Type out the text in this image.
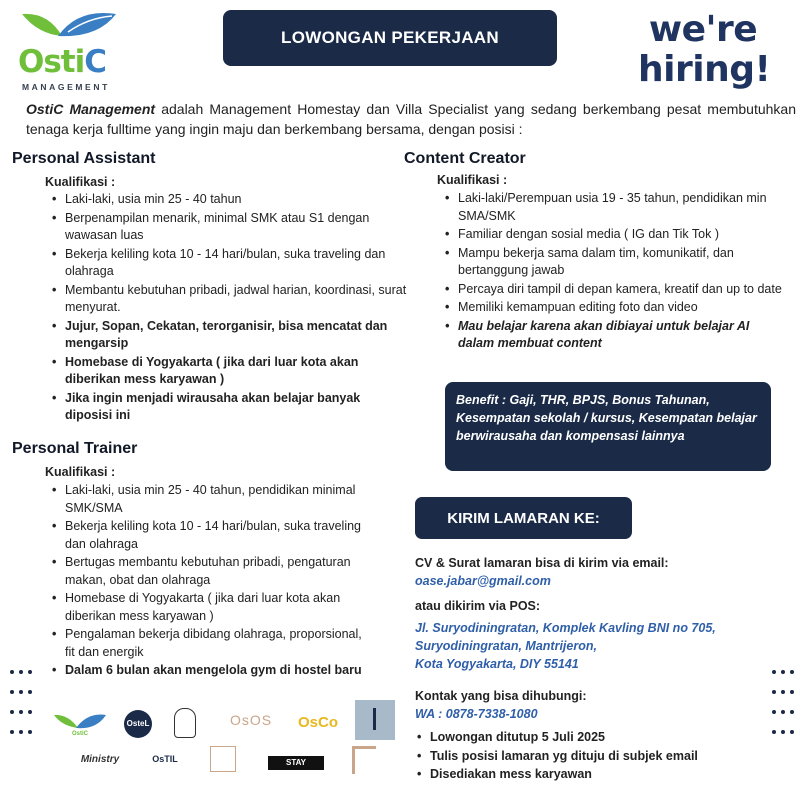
OstiC
MANAGEMENT
LOWONGAN PEKERJAAN	we're
hiring!

OstiC Management adalah Management Homestay dan Villa Specialist yang sedang berkembang pesat membutuhkan tenaga kerja fulltime yang ingin maju dan berkembang bersama, dengan posisi :

Personal Assistant
Kualifikasi :
• Laki-laki, usia min 25 - 40 tahun
• Berpenampilan menarik, minimal SMK atau S1 dengan wawasan luas
• Bekerja keliling kota 10 - 14 hari/bulan, suka traveling dan olahraga
• Membantu kebutuhan pribadi, jadwal harian, koordinasi, surat menyurat.
• Jujur, Sopan, Cekatan, terorganisir, bisa mencatat dan mengarsip
• Homebase di Yogyakarta ( jika dari luar kota akan diberikan mess karyawan )
• Jika ingin menjadi wirausaha akan belajar banyak diposisi ini
Personal Trainer
Kualifikasi :
• Laki-laki, usia min 25 - 40 tahun, pendidikan minimal SMK/SMA
• Bekerja keliling kota 10 - 14 hari/bulan, suka traveling dan olahraga
• Bertugas membantu kebutuhan pribadi, pengaturan makan, obat dan olahraga
• Homebase di Yogyakarta ( jika dari luar kota akan diberikan mess karyawan )
• Pengalaman bekerja dibidang olahraga, proporsional, fit dan energik
• Dalam 6 bulan akan mengelola gym di hostel baru
Content Creator
Kualifikasi :
• Laki-laki/Perempuan usia 19 - 35 tahun, pendidikan min SMA/SMK
• Familiar dengan sosial media ( IG dan Tik Tok )
• Mampu bekerja sama dalam tim, komunikatif, dan bertanggung jawab
• Percaya diri tampil di depan kamera, kreatif dan up to date
• Memiliki kemampuan editing foto dan video
• Mau belajar karena akan dibiayai untuk belajar AI dalam membuat content
Benefit : Gaji, THR, BPJS, Bonus Tahunan, Kesempatan sekolah / kursus, Kesempatan belajar berwirausaha dan kompensasi lainnya
KIRIM LAMARAN KE:
CV & Surat lamaran bisa di kirim via email:
oase.jabar@gmail.com
atau dikirim via POS:
Jl. Suryodiningratan, Komplek Kavling BNI no 705,
Suryodiningratan, Mantrijeron,
Kota Yogyakarta, DIY 55141
Kontak yang bisa dihubungi:
WA : 0878-7338-1080
• Lowongan ditutup 5 Juli 2025
• Tulis posisi lamaran yg dituju di subjek email
• Disediakan mess karyawan
OstiC
OsteL	OsOS	OsCo
Ministry	OsTIL	STAY
